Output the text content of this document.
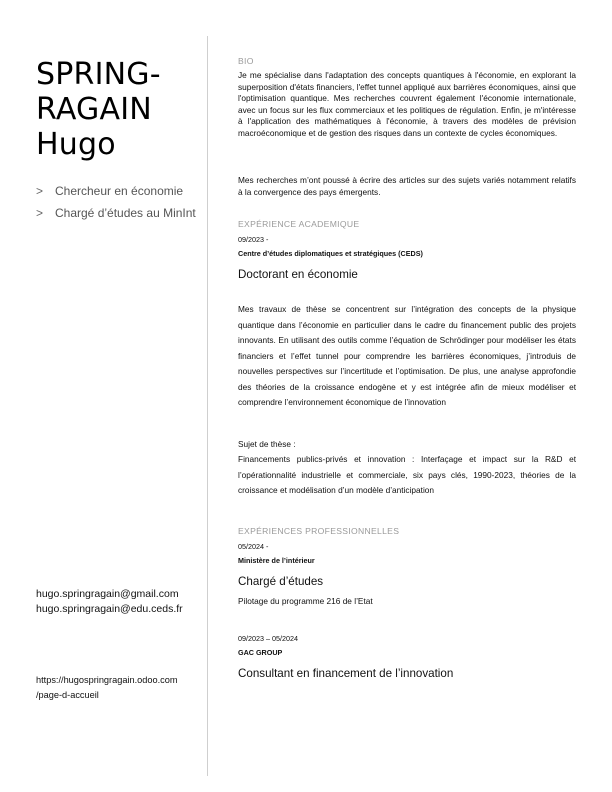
SPRING-
RAGAIN
Hugo
> Chercheur en économie
> Chargé d’études au MinInt
hugo.springragain@gmail.com
hugo.springragain@edu.ceds.fr
https://hugospringragain.odoo.com
/page-d-accueil
BIO

Je me spécialise dans l'adaptation des concepts quantiques à l'économie, en explorant la superposition d'états financiers, l'effet tunnel appliqué aux barrières économiques, ainsi que l'optimisation quantique. Mes recherches couvrent également l'économie internationale, avec un focus sur les flux commerciaux et les politiques de régulation. Enfin, je m'intéresse à l'application des mathématiques à l'économie, à travers des modèles de prévision macroéconomique et de gestion des risques dans un contexte de cycles économiques.

Mes recherches m’ont poussé à écrire des articles sur des sujets variés notamment relatifs à la convergence des pays émergents.

EXPÉRIENCE ACADEMIQUE
09/2023 -
Centre d’études diplomatiques et stratégiques (CEDS)
Doctorant en économie

Mes travaux de thèse se concentrent sur l’intégration des concepts de la physique quantique dans l’économie en particulier dans le cadre du financement public des projets innovants. En utilisant des outils comme l’équation de Schrödinger pour modéliser les états financiers et l’effet tunnel pour comprendre les barrières économiques, j’introduis de nouvelles perspectives sur l’incertitude et l’optimisation. De plus, une analyse approfondie des théories de la croissance endogène et y est intégrée afin de mieux modéliser et comprendre l’environnement économique de l’innovation

Sujet de thèse :

Financements publics-privés et innovation : Interfaçage et impact sur la R&D et l’opérationnalité industrielle et commerciale, six pays clés, 1990-2023, théories de la croissance et modélisation d’un modèle d’anticipation

EXPÉRIENCES PROFESSIONNELLES
05/2024 -
Ministère de l’intérieur
Chargé d’études
Pilotage du programme 216 de l’Etat
09/2023 – 05/2024
GAC GROUP
Consultant en financement de l’innovation
